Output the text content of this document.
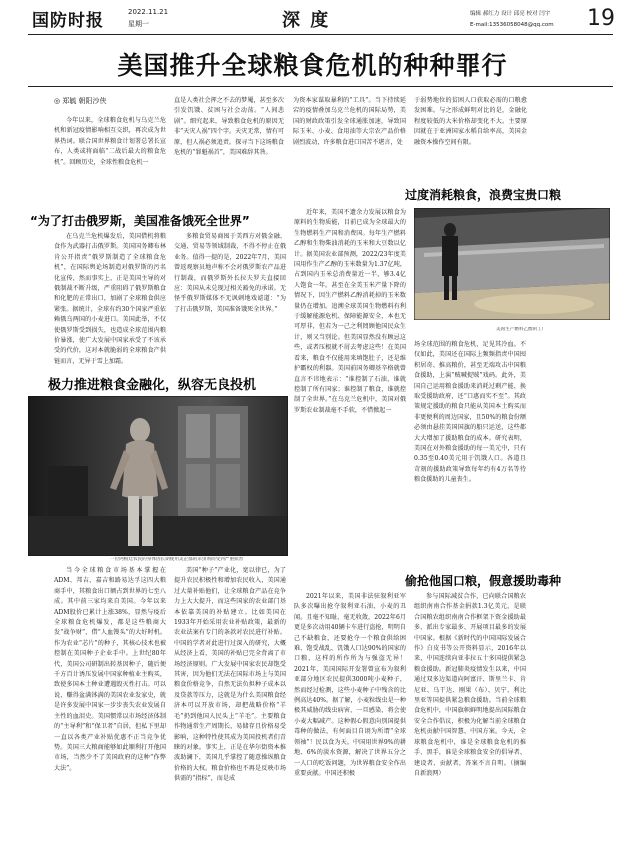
国防时报	2022.11.21
星期一	深 度	编辑 郝红力 设计 邱亮 校对 闫宇
E-mail:13536058048@qq.com 19
美国推升全球粮食危机的种种罪行
◎ 郑毓 朝阳沙侠

今年以来，全球粮食危机与乌克兰危机和新冠疫情影响相互交织，再次成为世界热词。联合国世界粮食计划署总署长宣布，人类或将面临“二战后最大的粮食危机”。回顾历史，全球性粮食危机一

直是人类社会挥之不去的梦魇，甚至多次引发饥饿、贫困与社会动荡。“人间悲剧”。细究起来，导致粮食危机的原因无非“天灾人祸”四个字。天灾无常，情有可原，但人祸必须追责。探寻当下这场粮食危机的“罪魁祸首”，美国难辞其咎。

为资本家谋取暴利的“工具”。当下持续延宕的疫情叠加乌克兰危机的国际局势，美国的财政政策引发全球通胀加速，导致国际玉米、小麦、食用油等大宗农产品价格剧烈波动，许多粮食进口国苦不堪言，处

于弱势地位的贫困人口获取必需的口粮愈发困难。与之形成鲜明对比的是，金融化程度较低的大米价格却变化不大。主要原因就在于亚洲国家水稻自给率高，美国金融资本操作空间有限。

“为了打击俄罗斯，美国准备饿死全世界”

在乌克兰危机爆发后，美国借机将粮食作为武器打击俄罗斯。美国国务卿布林肯公开指责“俄罗斯制造了全球粮食危机”，在国际舆论场制造对俄罗斯的污名化宣传，然而事实上，正是美国主导的对俄制裁不断升级，严重阻碍了俄罗斯粮食和化肥的正常出口，加剧了全球粮食供应紧张。据统计，全球有约30个国家严重依赖俄乌两国的小麦进口。美国此举，不仅使俄罗斯受到损失，也造成全球范围内粮价暴涨，使广大发展中国家承受了不该承受的代价，这对本就脆弱的全球粮食产供链而言，无异于雪上加霜。

多粮食贸易商囤于美西方对俄金融、交通、贸易等领域制裁，不得不停止在俄业务。值得一提的是，2022年7月，美国曾返观察员地声称不会对俄罗斯农产品进行制裁，而俄罗斯外长拉夫罗夫直接回应：美国从未兑现过相关豁免的承诺。无怪乎俄罗斯媒体不无讽刺地戏谑道：“为了打击俄罗斯，美国准备饿死全世界。”

极力推进粮食金融化，纵容无良投机
一位阿根廷农民的身体因长期使用美企都的杀虫剂而受到严重损害

当今全球粮食市场基本掌握在ADM、邦吉、嘉吉和路易达孚这四大粮商手中，其粮食出口额占到世界的七至八成。其中前三家均来自美国。今年以来ADM股价已累计上涨38%，显然与疫后全球粮食危机爆发，都是这些粮商大发“战争财”、借“人血馒头”的大好时机。作为农业“芯片”的种子，其核心技术也被控制在美国种子企业手中。上世纪80年代，美国公司研制出转基因种子，随后便千方百计诱压发展中国家种植业主购买，致使多国本土种业遭遇毁灭性打击。可以说，赚得盆满钵满的美国农业发家史，就是许多发展中国家一步步丧失农业发展自主性的血泪史。美国惯常以市场经济体制的“主导利”和“保卫者”自居，但私下里却一直以各类产业补贴优惠不正当竞争优势。美国三大粮商能够如此顺利打开他国市场，当然少不了美国政府的这种“作弊大法”。

美国“种子”产业化，宽以律已，为了提升农民积极性和增加农民收入，美国通过大量补贴他们，让全球粮食产品在竞争力上大大提升，而这些国家的农业部门基本依靠美国的补贴建立。比如美国在1933年开始采用农业补贴政策，最新的农业法案有专门的条款对农民进行补贴。中国的学者对此进行过深入的研究，大概从经济上看，美国的补贴已完全背离了市场经济原则。广大发展中国家农民却饱受其害，因为他们无法在国际市场上与美国粮食价格竞争，自然无法负担种子成本以及贷款等压力，这就是为什么美国粮食经济本可以开放市场，却把战略价格“羊毛”扔到他国人民头上“羊毛”。主要粮食作物通常生产周期长，易储存且价格易受影响，这种特性使其成为美国投机者们青睐的对象。事实上，正是在华尔街资本推波助澜下，美国几乎掌控了随意操纵粮食价格的大权。粮食价格也不再是反映市场供需的“指标”，而是成

过度消耗粮食，浪费宝贵口粮

近年来，美国不遗余力发展以粮食为原料的生物质能，目前已成为全球最大的生物燃料生产国和消费国。每年生产燃料乙醇和生物柴油消耗的玉米和大豆数以亿计。据美国农业部预测，2022/23年度美国用作生产乙醇的玉米数量为1.37亿吨，占到国内玉米总消费量近一半，够3.4亿人饱食一年。甚至在全美玉米产量下降的情况下，因生产燃料乙醇消耗掉的玉米数量仍在增加。追溯全球美国生物燃料有利于缓解能源危机、保障能源安全，本也无可厚非，但若为一己之利罔顾他国民众生计，则又当别论。但美国显然没有顾忌这些，或者压根就不屑去考虑这些！在美国看来，粮食不仅能用来填饱肚子，还是维护霸权的利器。美国前国务卿基辛格就曾直言不讳地表示：“谁控制了石油，谁就控制了所有国家；谁控制了粮食，谁就控制了全世界。”在乌克兰危机中，美国对俄罗斯农业制裁毫不手软，不惜掀起一

美国生产燃料乙醇的工厂

场全球范围的粮食危机，足见其冷血。不仅如此，美国还在国际上频频指责中国囤积居奇、推高粮价，甚至无端攻击中国粮食援助，上演“贼喊捉贼”戏码。此外，美国自己运用粮食援助来消耗过剩产能、换取受援助政府，还“口惠而实不至”。其政策规定援助的粮食只能从美国本土购买而非更便利的周边国家，且50%的粮食份额必须由悬挂美国国旗的船只运送，这些都大大增加了援助粮食的成本。研究表明，美国在对外粮食援助的每一美元中，只有0.35至0.40美元用于饥饿人口。各道且苛刻的援助政策导致每年约有4万名等待粮食援助的儿童丧生。

偷抢他国口粮，假意援助毒种

2021年以来，美国非法驻叙利亚军队多次曝出抢夺叙利亚石油、小麦的丑闻。且毫不知耻、毫无收敛，2022年6月更是多次动用40辆卡车进行盗抢，明明自己不缺粮食，还要抢夺一个粮食供给困难、饱受战乱、饥饿人口达90%的国家的口粮，这样的所作所为与强盗无异！2021年，美国国际开发署曾宣布为叙利亚部分地区农民提供3000吨小麦种子，然而经过检测，这些小麦种子中残含的比例高达40%。据了解，小麦粒线虫是一种极其威胁的线虫病害，一旦感染，将会使小麦大幅减产。这种假心假意向别国提供毒种的做法，有何面目自诩为所谓“全球领袖”！民以食为天。中国用世界9%的耕地、6%的淡水资源，解决了世界五分之一人口的吃饭问题，为世界粮食安全作出重要贡献。中国还积极

参与国际减贫合作，已向联合国粮农组织南南合作基金捐款1.3亿美元，是联合国粮农组织南南合作框架下资金援助最多、派出专家最多、开展项目最多的发展中国家。根据《新时代的中国国际发展合作》白皮书等公开资料显示，2016年以来，中国连续向亚非拉五十多国提供紧急粮食援助。新冠肺炎疫情发生以来，中国通过双多边渠道向阿富汗、斯里兰卡、肯尼亚、乌干达、刚果（布）、贝宁、利比里亚等国提供紧急粮食援助。当前全球粮食危机中，中国旗帜鲜明地提出国际粮食安全合作倡议，积极为化解当前全球粮食危机贡献中国智慧、中国方案。今天，全球粮食危机中，谁是全球粮食危机的推手、黑手，谁是全球粮食安全的倡导者、建设者、贡献者，答案不言自明。（摘编自新浪网）
